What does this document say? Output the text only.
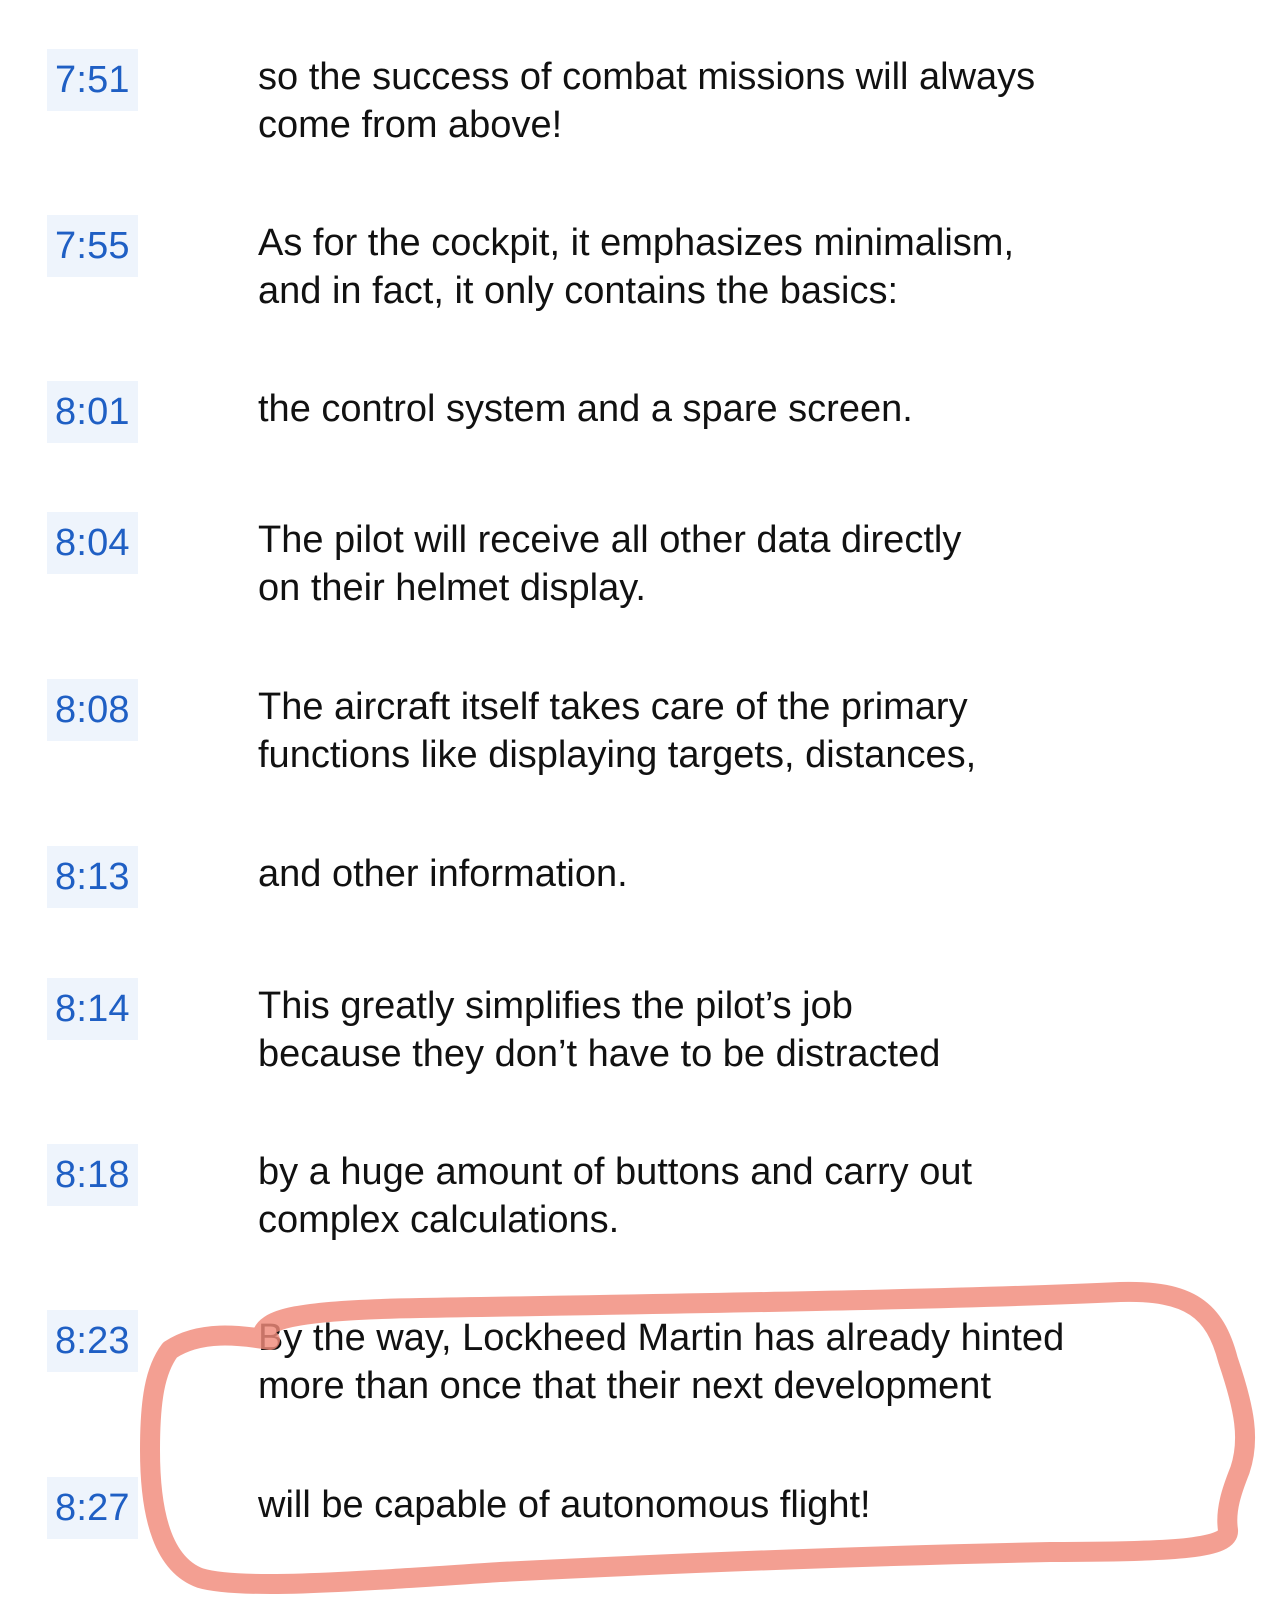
7:51	so the success of combat missions will always
come from above!
7:55	As for the cockpit, it emphasizes minimalism,
and in fact, it only contains the basics:
8:01	the control system and a spare screen.
8:04	The pilot will receive all other data directly
on their helmet display.
8:08	The aircraft itself takes care of the primary
functions like displaying targets, distances,
8:13	and other information.
8:14	This greatly simplifies the pilot’s job
because they don’t have to be distracted
8:18	by a huge amount of buttons and carry out
complex calculations.
8:23	By the way, Lockheed Martin has already hinted
more than once that their next development
8:27	will be capable of autonomous flight!
